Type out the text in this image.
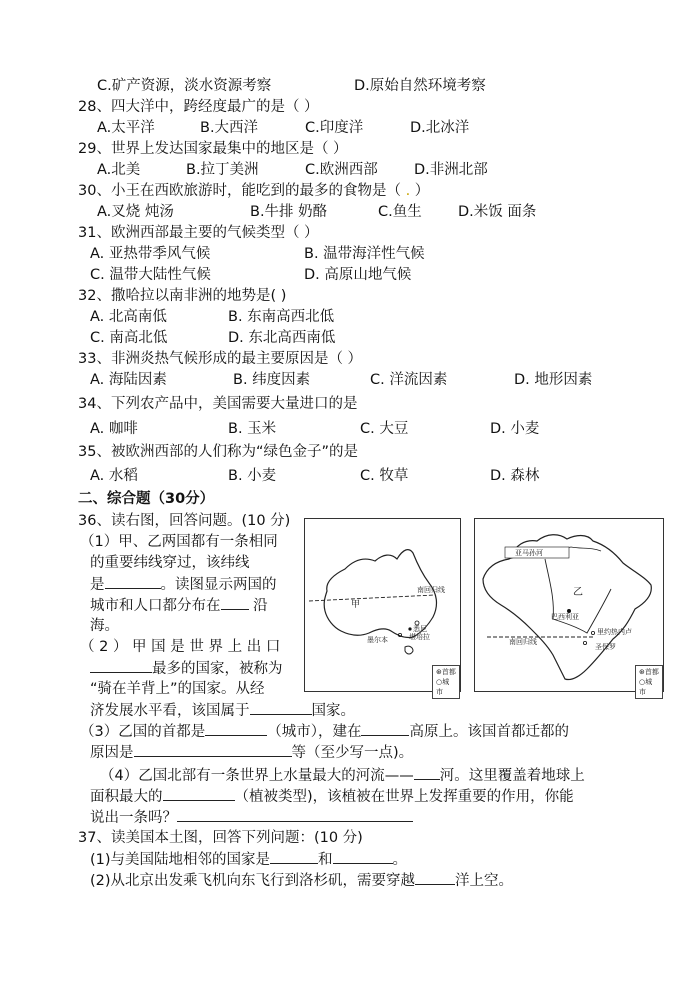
C.矿产资源，淡水资源考察	D.原始自然环境考察
28、四大洋中，跨经度最广的是（ ）
A.太平洋	B.大西洋	C.印度洋	D.北冰洋
29、世界上发达国家最集中的地区是（ ）
A.北美	B.拉丁美洲	C.欧洲西部	D.非洲北部
30、小王在西欧旅游时，能吃到的最多的食物是（ . ）
A.叉烧 炖汤	B.牛排 奶酪	C.鱼生	D.米饭 面条
31、欧洲西部最主要的气候类型（ ）
A. 亚热带季风气候	B. 温带海洋性气候
C. 温带大陆性气候	D. 高原山地气候
32、撒哈拉以南非洲的地势是( )
A. 北高南低	B. 东南高西北低
C. 南高北低	D. 东北高西南低
33、非洲炎热气候形成的最主要原因是（ ）
A. 海陆因素	B. 纬度因素	C. 洋流因素	D. 地形因素
34、下列农产品中，美国需要大量进口的是
A. 咖啡	B. 玉米	C. 大豆	D. 小麦
35、被欧洲西部的人们称为“绿色金子”的是
A. 水稻	B. 小麦	C. 牧草	D. 森林
二、综合题（30分）
36、读右图，回答问题。(10 分)
（1）甲、乙两国都有一条相同
的重要纬线穿过，该纬线
是	。读图显示两国的
城市和人口都分布在 沿
海。
（ 2 ） 甲 国 是 世 界 上 出 口
最多的国家，被称为
“骑在羊背上”的国家。从经
济发展水平看，该国属于	国家。
（3）乙国的首都是	（城市），建在	高原上。该国首都迁都的
原因是	等（至少写一点)。
（4）乙国北部有一条世界上水量最大的河流—— 河。这里覆盖着地球上
面积最大的	（植被类型)，该植被在世界上发挥重要的作用，你能
说出一条吗？
37、读美国本土图，回答下列问题：(10 分)
(1)与美国陆地相邻的国家是	和	。
(2)从北京出发乘飞机向东飞行到洛杉矶，需要穿越	洋上空。
南回归线
甲
悉尼
堪培拉
墨尔本
⊛首都
○城市
亚马孙河
乙
巴西利亚
南回归线
里约热内卢
圣保罗
⊛首都
○城市
